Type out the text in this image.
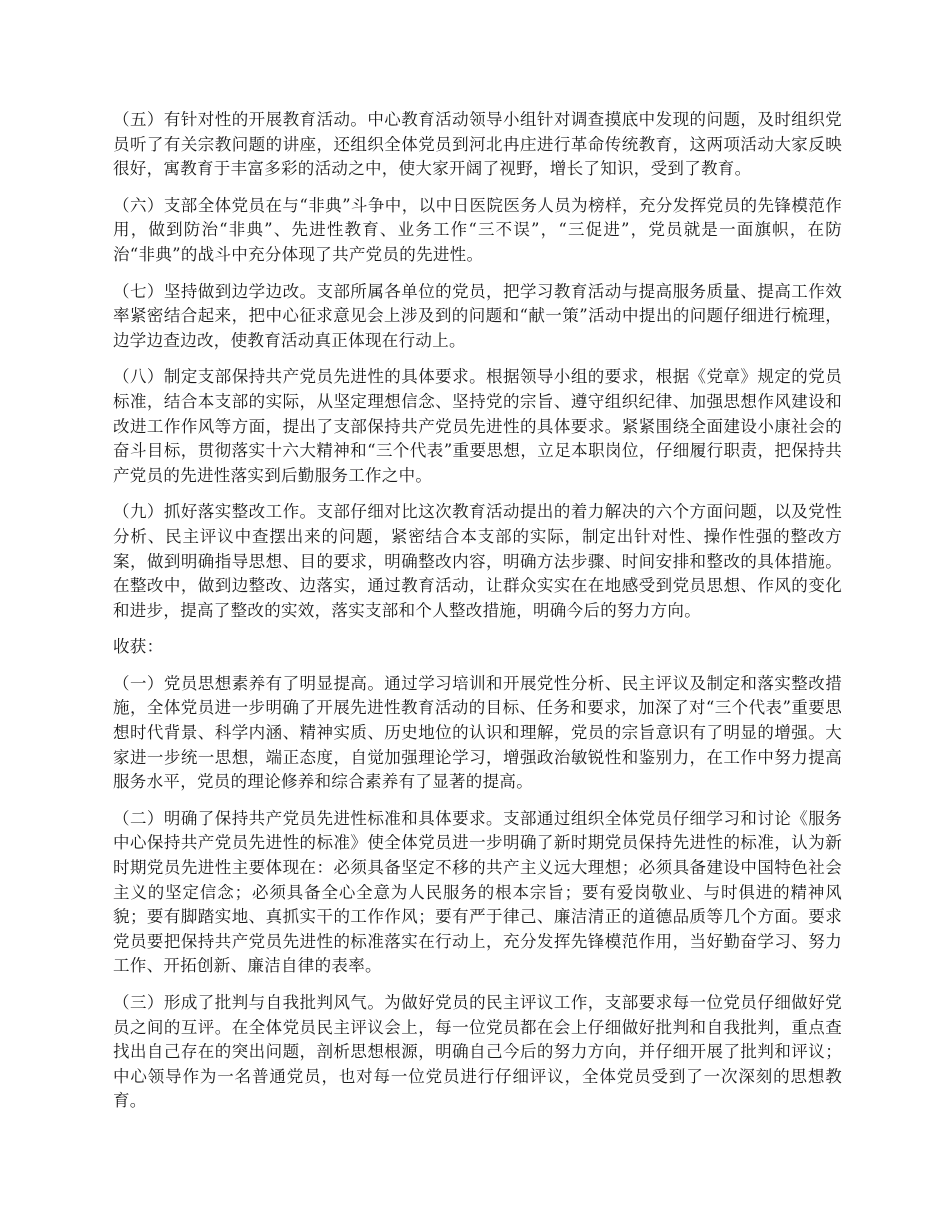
（五）有针对性的开展教育活动。中心教育活动领导小组针对调查摸底中发现的问题，及时组织党员听了有关宗教问题的讲座，还组织全体党员到河北冉庄进行革命传统教育，这两项活动大家反映很好，寓教育于丰富多彩的活动之中，使大家开阔了视野，增长了知识，受到了教育。

（六）支部全体党员在与“非典”斗争中，以中日医院医务人员为榜样，充分发挥党员的先锋模范作用，做到防治“非典”、先进性教育、业务工作“三不误”，“三促进”，党员就是一面旗帜，在防治“非典”的战斗中充分体现了共产党员的先进性。

（七）坚持做到边学边改。支部所属各单位的党员，把学习教育活动与提高服务质量、提高工作效率紧密结合起来，把中心征求意见会上涉及到的问题和“献一策”活动中提出的问题仔细进行梳理，边学边查边改，使教育活动真正体现在行动上。

（八）制定支部保持共产党员先进性的具体要求。根据领导小组的要求，根据《党章》规定的党员标准，结合本支部的实际，从坚定理想信念、坚持党的宗旨、遵守组织纪律、加强思想作风建设和改进工作作风等方面，提出了支部保持共产党员先进性的具体要求。紧紧围绕全面建设小康社会的奋斗目标，贯彻落实十六大精神和“三个代表”重要思想，立足本职岗位，仔细履行职责，把保持共产党员的先进性落实到后勤服务工作之中。

（九）抓好落实整改工作。支部仔细对比这次教育活动提出的着力解决的六个方面问题，以及党性分析、民主评议中查摆出来的问题，紧密结合本支部的实际，制定出针对性、操作性强的整改方案，做到明确指导思想、目的要求，明确整改内容，明确方法步骤、时间安排和整改的具体措施。在整改中，做到边整改、边落实，通过教育活动，让群众实实在在地感受到党员思想、作风的变化和进步，提高了整改的实效，落实支部和个人整改措施，明确今后的努力方向。

收获：

（一）党员思想素养有了明显提高。通过学习培训和开展党性分析、民主评议及制定和落实整改措施，全体党员进一步明确了开展先进性教育活动的目标、任务和要求，加深了对“三个代表”重要思想时代背景、科学内涵、精神实质、历史地位的认识和理解，党员的宗旨意识有了明显的增强。大家进一步统一思想，端正态度，自觉加强理论学习，增强政治敏锐性和鉴别力，在工作中努力提高服务水平，党员的理论修养和综合素养有了显著的提高。

（二）明确了保持共产党员先进性标准和具体要求。支部通过组织全体党员仔细学习和讨论《服务中心保持共产党员先进性的标准》使全体党员进一步明确了新时期党员保持先进性的标准，认为新时期党员先进性主要体现在：必须具备坚定不移的共产主义远大理想；必须具备建设中国特色社会主义的坚定信念；必须具备全心全意为人民服务的根本宗旨；要有爱岗敬业、与时俱进的精神风貌；要有脚踏实地、真抓实干的工作作风；要有严于律己、廉洁清正的道德品质等几个方面。要求党员要把保持共产党员先进性的标准落实在行动上，充分发挥先锋模范作用，当好勤奋学习、努力工作、开拓创新、廉洁自律的表率。

（三）形成了批判与自我批判风气。为做好党员的民主评议工作，支部要求每一位党员仔细做好党员之间的互评。在全体党员民主评议会上，每一位党员都在会上仔细做好批判和自我批判，重点查找出自己存在的突出问题，剖析思想根源，明确自己今后的努力方向，并仔细开展了批判和评议；中心领导作为一名普通党员，也对每一位党员进行仔细评议，全体党员受到了一次深刻的思想教育。
